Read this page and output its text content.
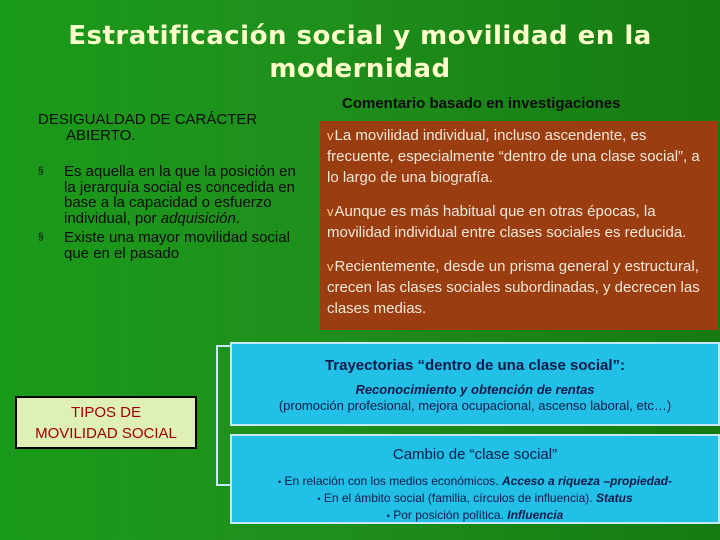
Estratificación social y movilidad en la modernidad
DESIGUALDAD DE CARÁCTER
ABIERTO.
§ Es aquella en la que la posición en la jerarquía social es concedida en base a la capacidad o esfuerzo individual, por adquisición.
§ Existe una mayor movilidad social que en el pasado
Comentario basado en investigaciones

vLa movilidad individual, incluso ascendente, es frecuente, especialmente “dentro de una clase social”, a lo largo de una biografía.

vAunque es más habitual que en otras épocas, la movilidad individual entre clases sociales es reducida.

vRecientemente, desde un prisma general y estructural, crecen las clases sociales subordinadas, y decrecen las clases medias.

TIPOS DE
MOVILIDAD SOCIAL
Trayectorias “dentro de una clase social”:
Reconocimiento y obtención de rentas
(promoción profesional, mejora ocupacional, ascenso laboral, etc…)
Cambio de “clase social”
• En relación con los medios económicos. Acceso a riqueza –propiedad-
• En el ámbito social (familia, círculos de influencia). Status
• Por posición política. Influencia
